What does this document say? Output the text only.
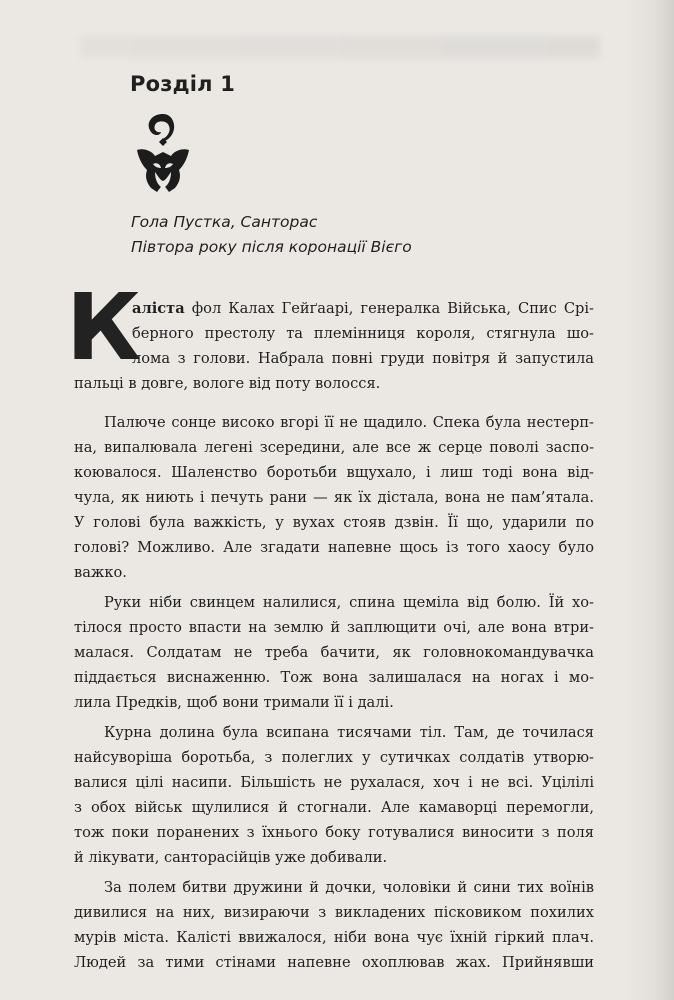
Розділ 1
Гола Пустка, Санторас
Півтора року після коронації Вієго
К
аліста фол Калах Гейґаарі, генералка Війська, Спис Срі-
берного престолу та племінниця короля, стягнула шо-
лома з голови. Набрала повні груди повітря й запустила
пальці в довге, вологе від поту волосся.
Палюче сонце високо вгорі її не щадило. Спека була нестерп-
на, випалювала легені зсередини, але все ж серце поволі заспо-
коювалося. Шаленство боротьби вщухало, і лиш тоді вона від-
чула, як ниють і печуть рани — як їх дістала, вона не пам’ятала.
У голові була важкість, у вухах стояв дзвін. Її що, ударили по
голові? Можливо. Але згадати напевне щось із того хаосу було
важко.
Руки ніби свинцем налилися, спина щеміла від болю. Їй хо-
тілося просто впасти на землю й заплющити очі, але вона втри-
малася. Солдатам не треба бачити, як головнокомандувачка
піддається виснаженню. Тож вона залишалася на ногах і мо-
лила Предків, щоб вони тримали її і далі.
Курна долина була всипана тисячами тіл. Там, де точилася
найсуворіша боротьба, з полеглих у сутичках солдатів утворю-
валися цілі насипи. Більшість не рухалася, хоч і не всі. Уцілілі
з обох військ щулилися й стогнали. Але камаворці перемогли,
тож поки поранених з їхнього боку готувалися виносити з поля
й лікувати, санторасійців уже добивали.
За полем битви дружини й дочки, чоловіки й сини тих воїнів
дивилися на них, визираючи з викладених пісковиком похилих
мурів міста. Калісті ввижалося, ніби вона чує їхній гіркий плач.
Людей за тими стінами напевне охоплював жах. Прийнявши
